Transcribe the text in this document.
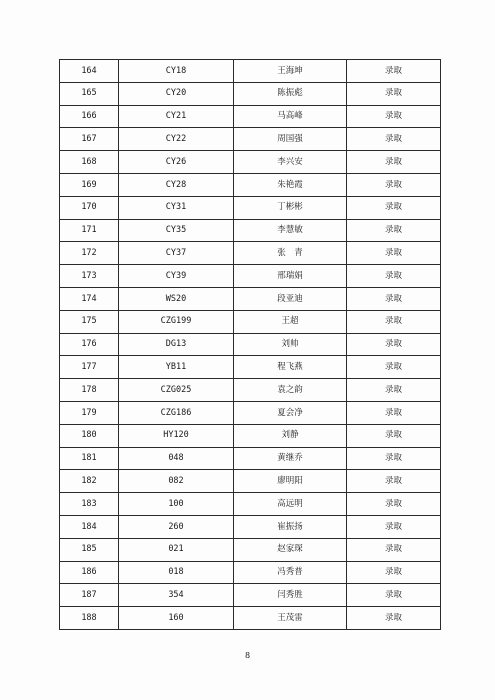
164	CY18	王海坤	录取
165	CY20	陈振彪	录取
166	CY21	马高峰	录取
167	CY22	周国强	录取
168	CY26	李兴安	录取
169	CY28	朱艳霞	录取
170	CY31	丁彬彬	录取
171	CY35	李慧敏	录取
172	CY37	张　青	录取
173	CY39	邢瑞娟	录取
174	WS20	段亚迪	录取
175	CZG199	王超	录取
176	DG13	刘帅	录取
177	YB11	程飞燕	录取
178	CZG025	袁之韵	录取
179	CZG186	夏会净	录取
180	HY120	刘静	录取
181	048	黄继乔	录取
182	082	廖明阳	录取
183	100	高远明	录取
184	260	崔振扬	录取
185	021	赵家琛	录取
186	018	冯秀普	录取
187	354	闫秀胜	录取
188	160	王茂雷	录取
8
